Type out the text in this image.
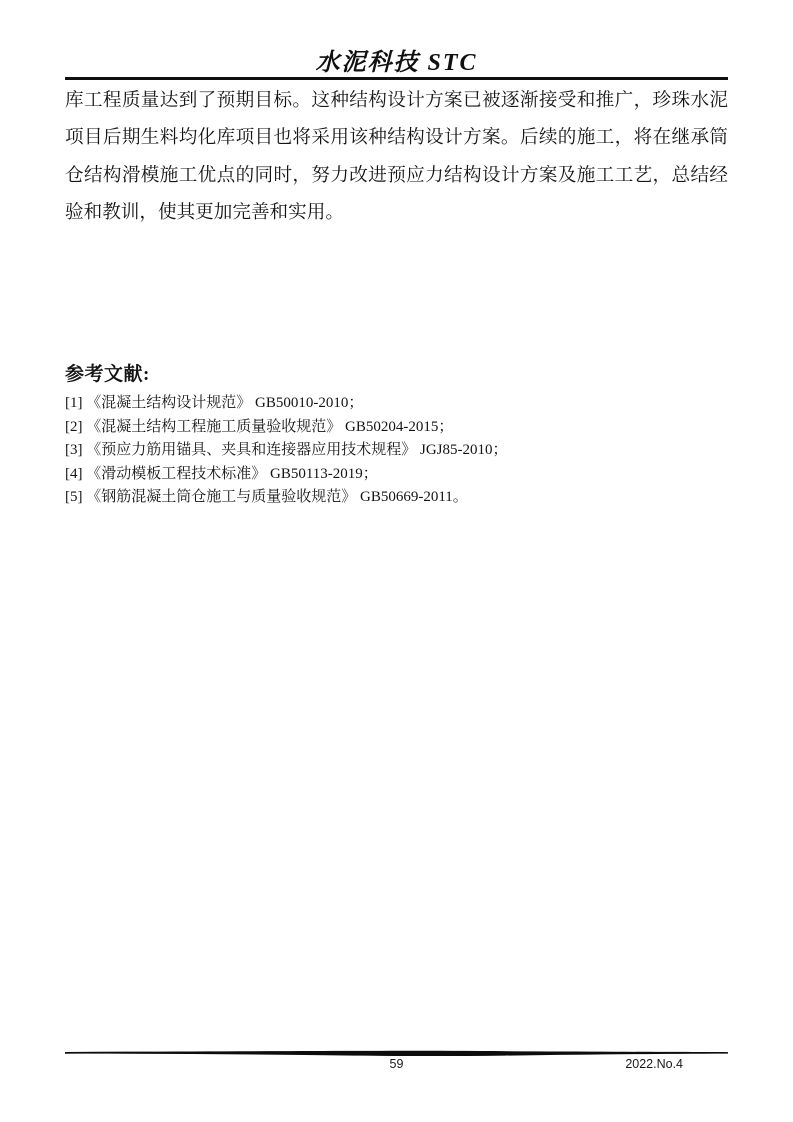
水泥科技 STC
库工程质量达到了预期目标。这种结构设计方案已被逐渐接受和推广，珍珠水泥
项目后期生料均化库项目也将采用该种结构设计方案。后续的施工，将在继承筒
仓结构滑模施工优点的同时，努力改进预应力结构设计方案及施工工艺，总结经
验和教训，使其更加完善和实用。
参考文献:
[1] 《混凝土结构设计规范》 GB50010-2010；
[2] 《混凝土结构工程施工质量验收规范》 GB50204-2015；
[3] 《预应力筋用锚具、夹具和连接器应用技术规程》 JGJ85-2010；
[4] 《滑动模板工程技术标准》 GB50113-2019；
[5] 《钢筋混凝土筒仓施工与质量验收规范》 GB50669-2011。
59	2022.No.4
